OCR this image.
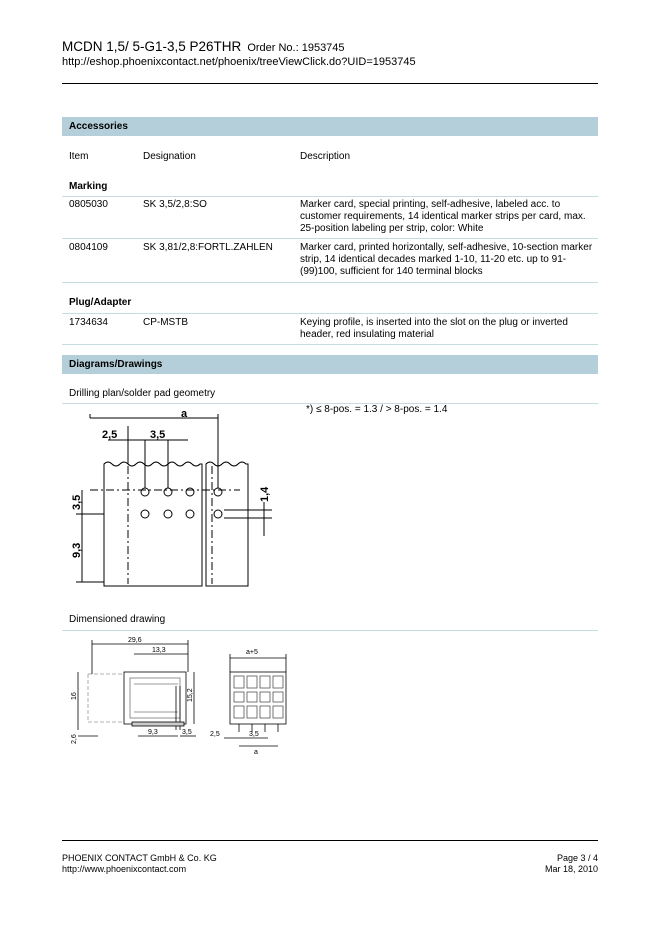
MCDN 1,5/ 5-G1-3,5 P26THR Order No.: 1953745
http://eshop.phoenixcontact.net/phoenix/treeViewClick.do?UID=1953745
Accessories
Item	Designation	Description
Marking
0805030	SK 3,5/2,8:SO	Marker card, special printing, self-adhesive, labeled acc. to
customer requirements, 14 identical marker strips per card, max.
25-position labeling per strip, color: White
0804109	SK 3,81/2,8:FORTL.ZAHLEN	Marker card, printed horizontally, self-adhesive, 10-section marker
strip, 14 identical decades marked 1-10, 11-20 etc. up to 91-
(99)100, sufficient for 140 terminal blocks
Plug/Adapter
1734634	CP-MSTB	Keying profile, is inserted into the slot on the plug or inverted
header, red insulating material
Diagrams/Drawings
Drilling plan/solder pad geometry
*) ≤ 8-pos. = 1.3 / > 8-pos. = 1.4
a
2,5	3,5
1,4
3,5
9,3
Dimensioned drawing
29,6
13,3
16	15,2
9,3	3,5
2,6
a+5
2,5	3,5
a
PHOENIX CONTACT GmbH & Co. KG
http://www.phoenixcontact.com
Page 3 / 4
Mar 18, 2010
